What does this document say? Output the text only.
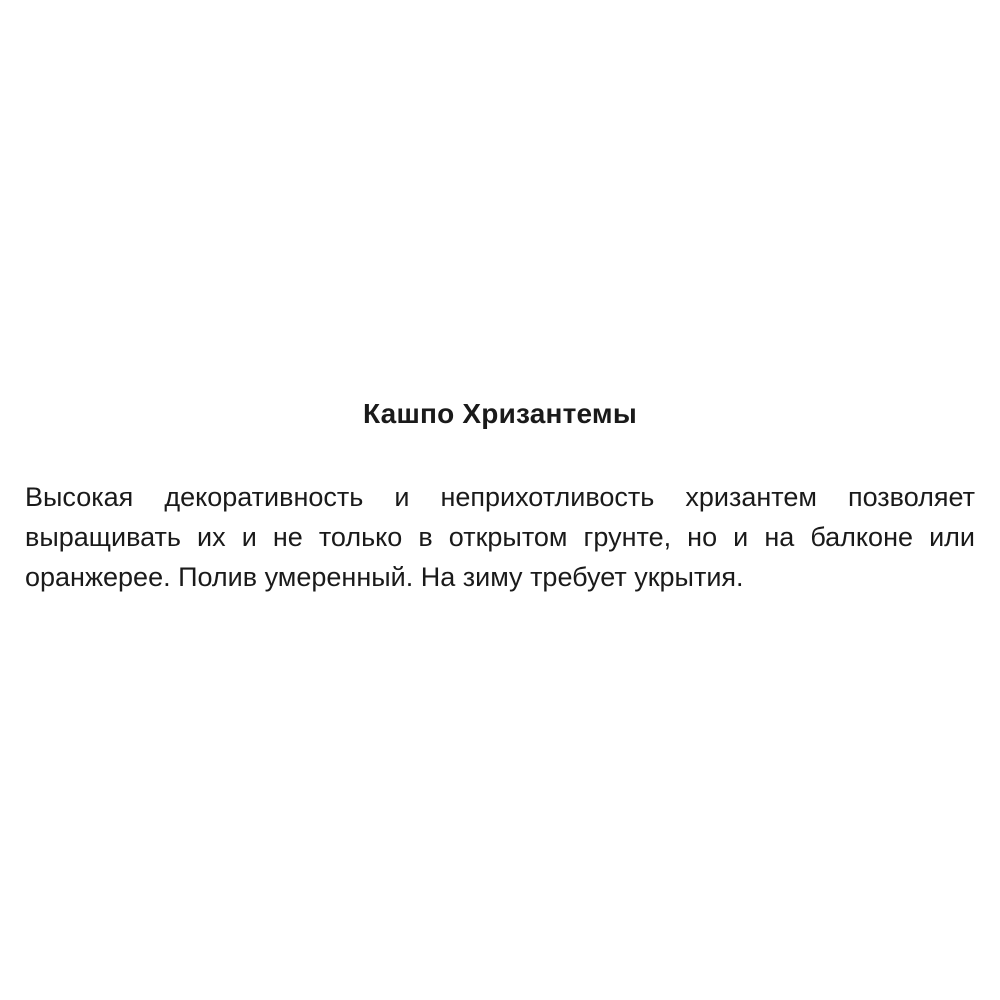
Кашпо Хризантемы

Высокая декоративность и неприхотливость хризантем позволяет
выращивать их и не только в открытом грунте, но и на балконе или
оранжерее. Полив умеренный. На зиму требует укрытия.
